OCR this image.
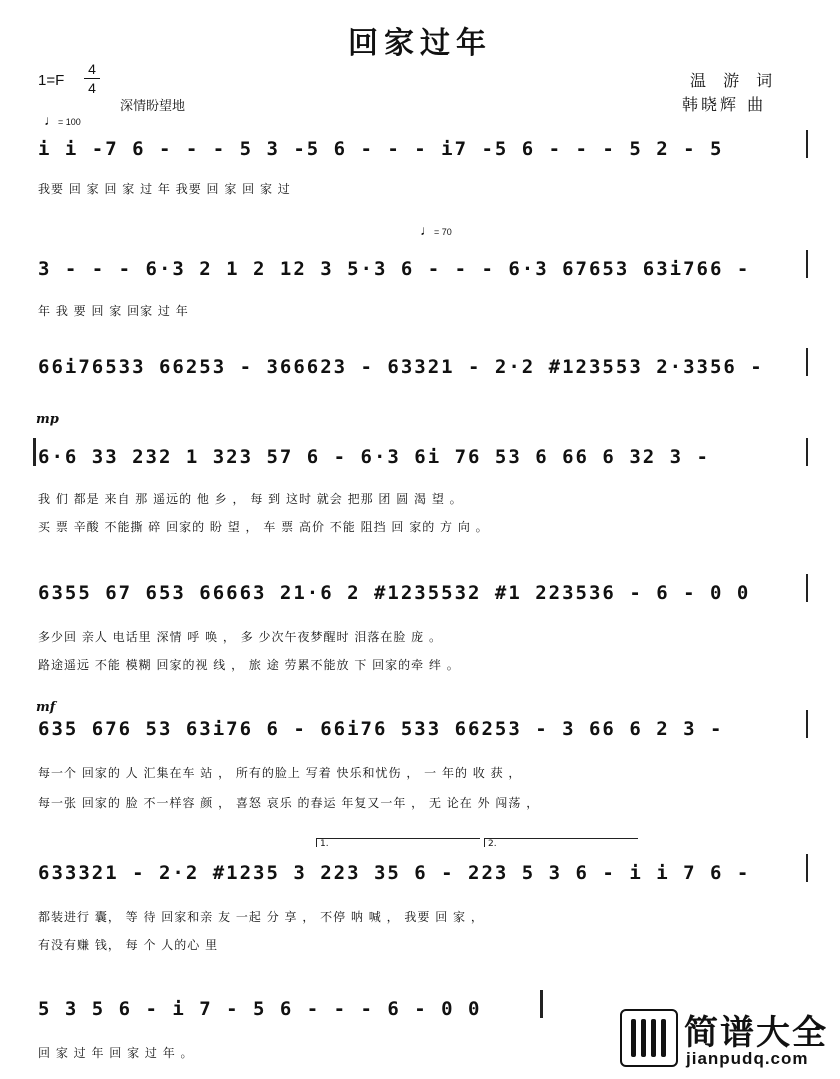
回家过年
1=F
4
4
深情盼望地
♩= 100
♩= 70
温 游 词
韩晓辉 曲
mp
mf
i i -7 6 - - - 5 3 -5 6 - - - i7 -5 6 - - - 5 2 - 5
我要 回 家 回 家 过 年 我要 回 家 回 家 过
3 - - - 6·3 2 1 2 12 3 5·3 6 - - - 6·3 67653 63i766 -
年 我 要 回 家 回家 过 年
66i76533 66253 - 366623 - 63321 - 2·2 #123553 2·3356 -
6·6 33 232 1 323 57 6 - 6·3 6i 76 53 6 66 6 32 3 -
我 们 都是 来自 那 遥远的 他 乡 ， 每 到 这时 就会 把那 团 圆 渴 望 。
买 票 辛酸 不能撕 碎 回家的 盼 望 ， 车 票 高价 不能 阻挡 回 家的 方 向 。
6355 67 653 66663 21·6 2 #1235532 #1 223536 - 6 - 0 0
多少回 亲人 电话里 深情 呼 唤 ， 多 少次午夜梦醒时 泪落在脸 庞 。
路途遥远 不能 模糊 回家的视 线 ， 旅 途 劳累不能放 下 回家的牵 绊 。
635 676 53 63i76 6 - 66i76 533 66253 - 3 66 6 2 3 -
每一个 回家的 人 汇集在车 站 ， 所有的脸上 写着 快乐和忧伤 ， 一 年的 收 获 ，
每一张 回家的 脸 不一样容 颜 ， 喜怒 哀乐 的春运 年复又一年 ， 无 论在 外 闯荡 ，
1.	2.
633321 - 2·2 #1235 3 223 35 6 - 223 5 3 6 - i i 7 6 -
都装进行 囊， 等 待 回家和亲 友 一起 分 享 ， 不停 呐 喊 ， 我要 回 家 ，
有没有赚 钱， 每 个 人的心 里
5 3 5 6 - i 7 - 5 6 - - - 6 - 0 0
回 家 过 年 回 家 过 年 。	简谱大全
jianpudq.com
